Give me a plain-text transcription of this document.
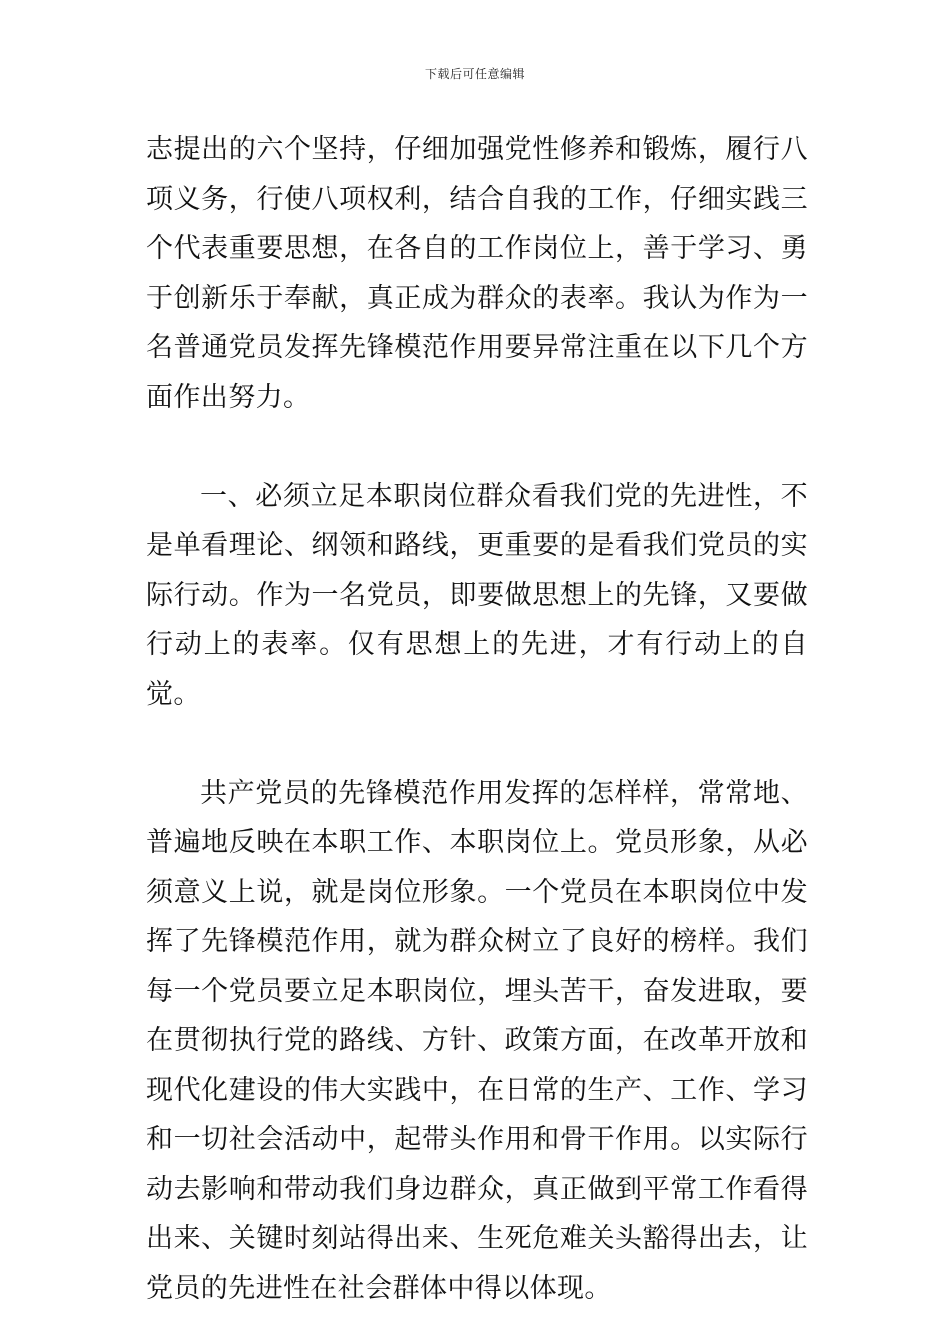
下载后可任意编辑

志提出的六个坚持，仔细加强党性修养和锻炼，履行八项义务，行使八项权利，结合自我的工作，仔细实践三个代表重要思想，在各自的工作岗位上，善于学习、勇于创新乐于奉献，真正成为群众的表率。我认为作为一名普通党员发挥先锋模范作用要异常注重在以下几个方面作出努力。

一、必须立足本职岗位群众看我们党的先进性，不是单看理论、纲领和路线，更重要的是看我们党员的实际行动。作为一名党员，即要做思想上的先锋，又要做行动上的表率。仅有思想上的先进，才有行动上的自觉。

共产党员的先锋模范作用发挥的怎样样，常常地、普遍地反映在本职工作、本职岗位上。党员形象，从必须意义上说，就是岗位形象。一个党员在本职岗位中发挥了先锋模范作用，就为群众树立了良好的榜样。我们每一个党员要立足本职岗位，埋头苦干，奋发进取，要在贯彻执行党的路线、方针、政策方面，在改革开放和现代化建设的伟大实践中，在日常的生产、工作、学习和一切社会活动中，起带头作用和骨干作用。以实际行动去影响和带动我们身边群众，真正做到平常工作看得出来、关键时刻站得出来、生死危难关头豁得出去，让党员的先进性在社会群体中得以体现。
